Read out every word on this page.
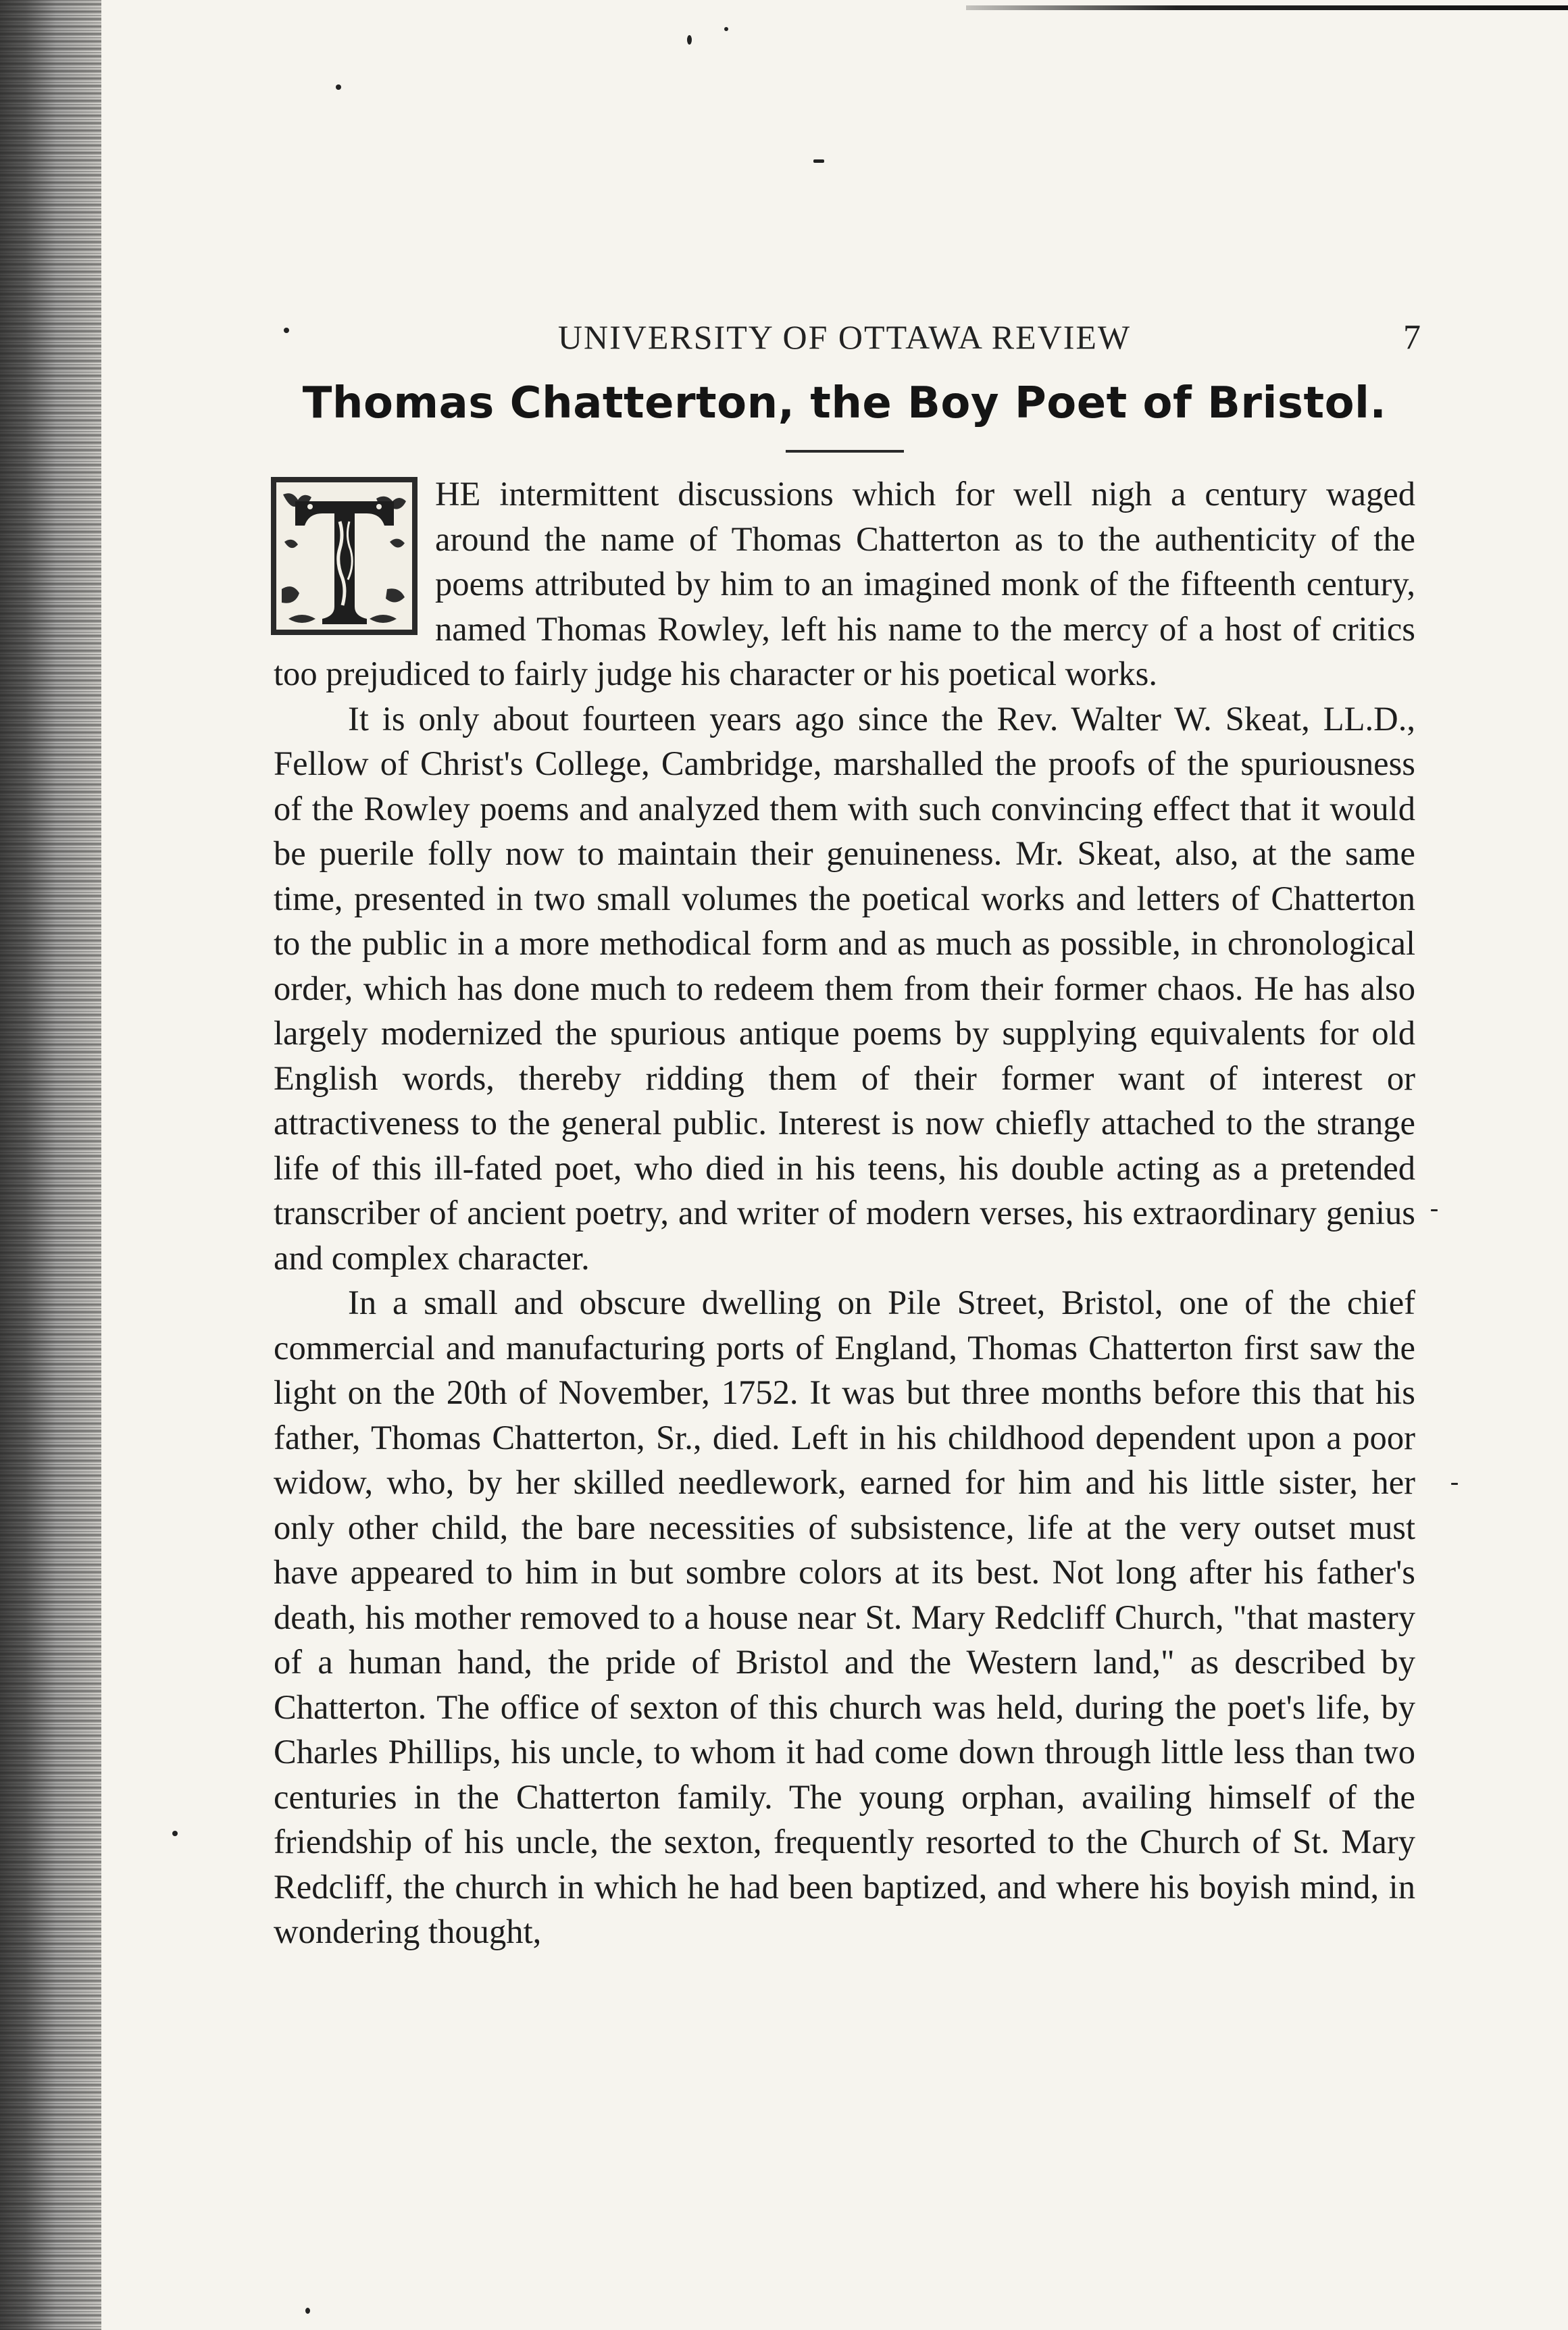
UNIVERSITY OF OTTAWA REVIEW	7
Thomas Chatterton, the Boy Poet of Bristol.

HE intermittent discussions which for well nigh a century waged around the name of Thomas Chatterton as to the authenticity of the poems attributed by him to an imagined monk of the fifteenth century, named Thomas Rowley, left his name to the mercy of a host of critics too prejudiced to fairly judge his character or his poetical works.

It is only about fourteen years ago since the Rev. Walter W. Skeat, LL.D., Fellow of Christ's College, Cambridge, marshalled the proofs of the spuriousness of the Rowley poems and analyzed them with such convincing effect that it would be puerile folly now to maintain their genuineness. Mr. Skeat, also, at the same time, presented in two small volumes the poetical works and letters of Chatterton to the public in a more methodical form and as much as possible, in chronological order, which has done much to redeem them from their former chaos. He has also largely modernized the spurious antique poems by supplying equivalents for old English words, thereby ridding them of their former want of interest or attractiveness to the general public. Interest is now chiefly attached to the strange life of this ill-fated poet, who died in his teens, his double acting as a pretended transcriber of ancient poetry, and writer of modern verses, his extraordinary genius and complex character.

In a small and obscure dwelling on Pile Street, Bristol, one of the chief commercial and manufacturing ports of England, Thomas Chatterton first saw the light on the 20th of November, 1752. It was but three months before this that his father, Thomas Chatterton, Sr., died. Left in his childhood dependent upon a poor widow, who, by her skilled needlework, earned for him and his little sister, her only other child, the bare necessities of subsistence, life at the very outset must have appeared to him in but sombre colors at its best. Not long after his father's death, his mother removed to a house near St. Mary Redcliff Church, "that mastery of a human hand, the pride of Bristol and the Western land," as described by Chatterton. The office of sexton of this church was held, during the poet's life, by Charles Phillips, his uncle, to whom it had come down through little less than two centuries in the Chatterton family. The young orphan, availing himself of the friendship of his uncle, the sexton, frequently resorted to the Church of St. Mary Redcliff, the church in which he had been baptized, and where his boyish mind, in wondering thought,
